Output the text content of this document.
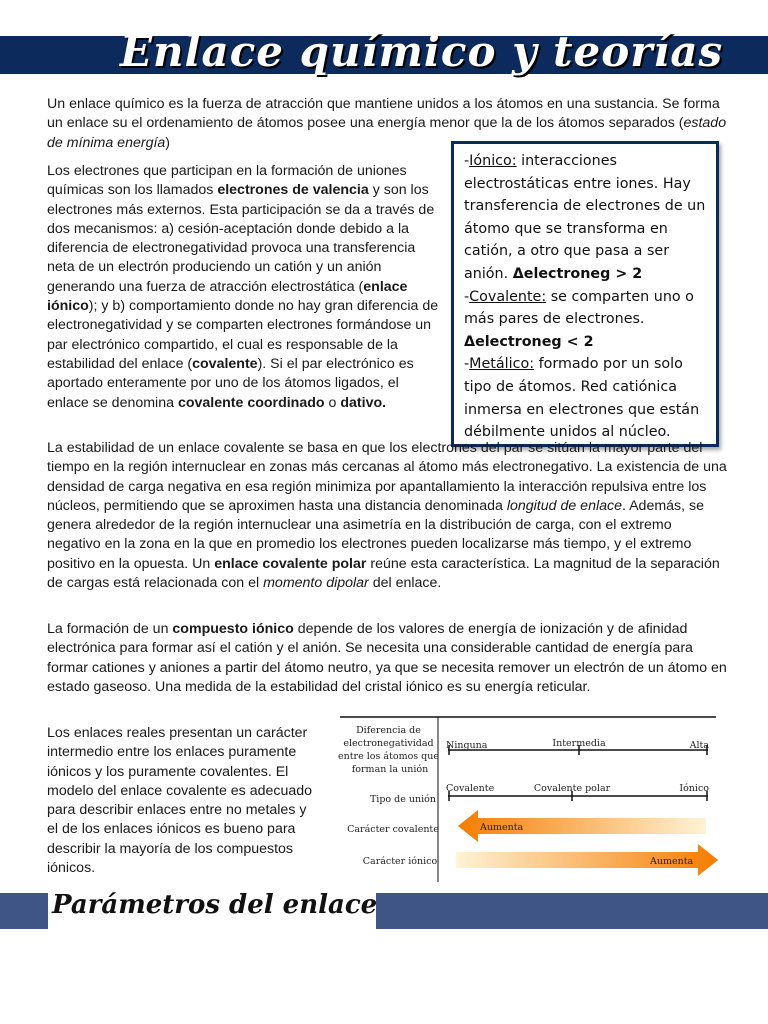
Enlace químico y teorías

Un enlace químico es la fuerza de atracción que mantiene unidos a los átomos en una sustancia. Se forma un enlace su el ordenamiento de átomos posee una energía menor que la de los átomos separados (estado de mínima energía)

Los electrones que participan en la formación de uniones químicas son los llamados electrones de valencia y son los electrones más externos. Esta participación se da a través de dos mecanismos: a) cesión-aceptación donde debido a la diferencia de electronegatividad provoca una transferencia neta de un electrón produciendo un catión y un anión generando una fuerza de atracción electrostática (enlace iónico); y b) comportamiento donde no hay gran diferencia de electronegatividad y se comparten electrones formándose un par electrónico compartido, el cual es responsable de la estabilidad del enlace (covalente). Si el par electrónico es aportado enteramente por uno de los átomos ligados, el enlace se denomina covalente coordinado o dativo.

-Iónico: interacciones electrostáticas entre iones. Hay transferencia de electrones de un átomo que se transforma en catión, a otro que pasa a ser anión. Δelectroneg > 2
-Covalente: se comparten uno o más pares de electrones. Δelectroneg < 2
-Metálico: formado por un solo tipo de átomos. Red catiónica inmersa en electrones que están débilmente unidos al núcleo.

La estabilidad de un enlace covalente se basa en que los electrones del par se sitúan la mayor parte del tiempo en la región internuclear en zonas más cercanas al átomo más electronegativo. La existencia de una densidad de carga negativa en esa región minimiza por apantallamiento la interacción repulsiva entre los núcleos, permitiendo que se aproximen hasta una distancia denominada longitud de enlace. Además, se genera alrededor de la región internuclear una asimetría en la distribución de carga, con el extremo negativo en la zona en la que en promedio los electrones pueden localizarse más tiempo, y el extremo positivo en la opuesta. Un enlace covalente polar reúne esta característica. La magnitud de la separación de cargas está relacionada con el momento dipolar del enlace.

La formación de un compuesto iónico depende de los valores de energía de ionización y de afinidad electrónica para formar así el catión y el anión. Se necesita una considerable cantidad de energía para formar cationes y aniones a partir del átomo neutro, ya que se necesita remover un electrón de un átomo en estado gaseoso. Una medida de la estabilidad del cristal iónico es su energía reticular.

Los enlaces reales presentan un carácter intermedio entre los enlaces puramente iónicos y los puramente covalentes. El modelo del enlace covalente es adecuado para describir enlaces entre no metales y el de los enlaces iónicos es bueno para describir la mayoría de los compuestos iónicos.

Diferencia de electronegatividad entre los átomos que forman la unión
Ninguna	Intermedia	Alta
Tipo de unión
Covalente	Covalente polar	Iónico
Carácter covalente	Aumenta
Carácter iónico	Aumenta
Parámetros del enlace
